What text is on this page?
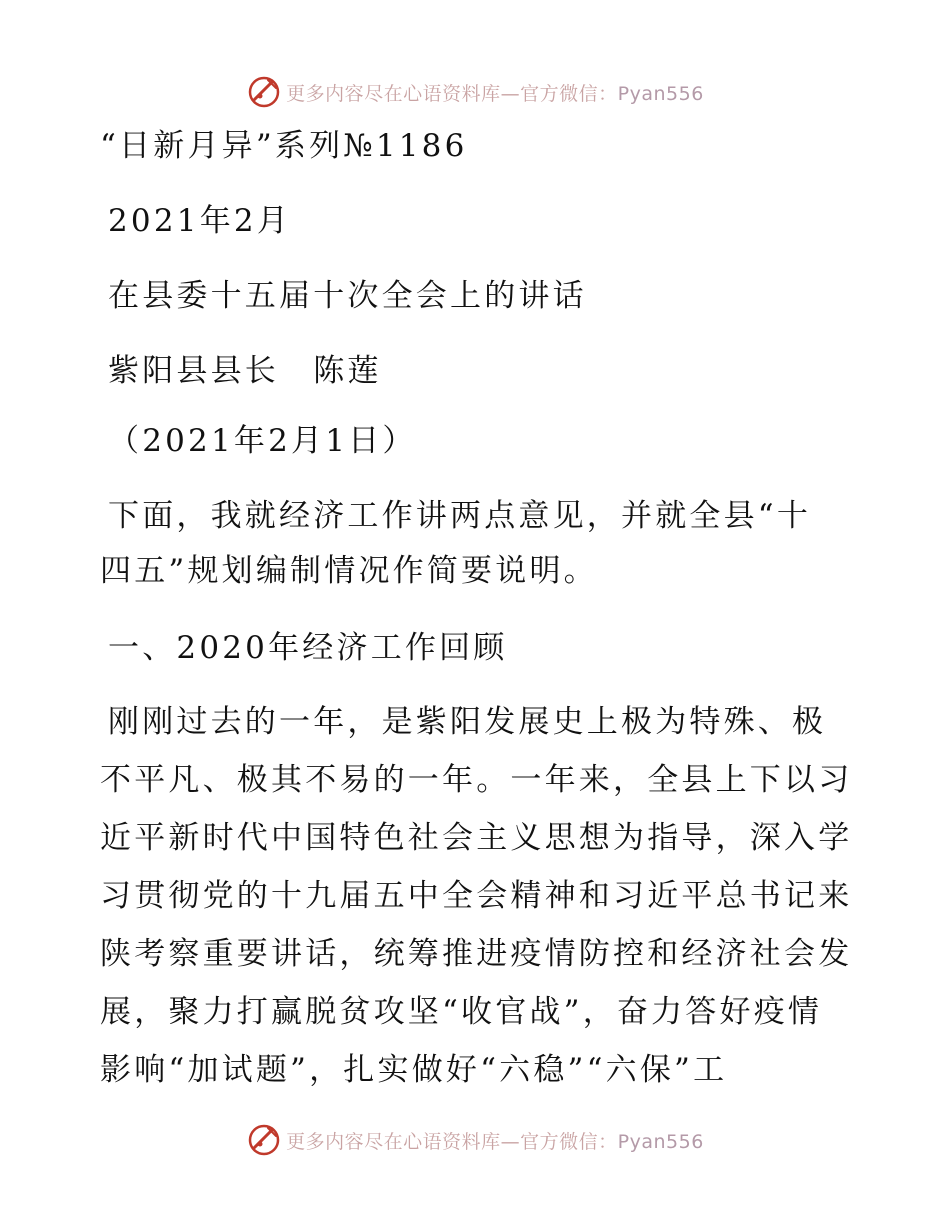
更多内容尽在心语资料库—官方微信：Pyan556
“日新月异”系列№1186
2021年2月
在县委十五届十次全会上的讲话
紫阳县县长　陈莲
（2021年2月1日）
下面，我就经济工作讲两点意见，并就全县“十
四五”规划编制情况作简要说明。
一、2020年经济工作回顾
刚刚过去的一年，是紫阳发展史上极为特殊、极
不平凡、极其不易的一年。一年来，全县上下以习
近平新时代中国特色社会主义思想为指导，深入学
习贯彻党的十九届五中全会精神和习近平总书记来
陕考察重要讲话，统筹推进疫情防控和经济社会发
展，聚力打赢脱贫攻坚“收官战”，奋力答好疫情
影响“加试题”，扎实做好“六稳”“六保”工
更多内容尽在心语资料库—官方微信：Pyan556
